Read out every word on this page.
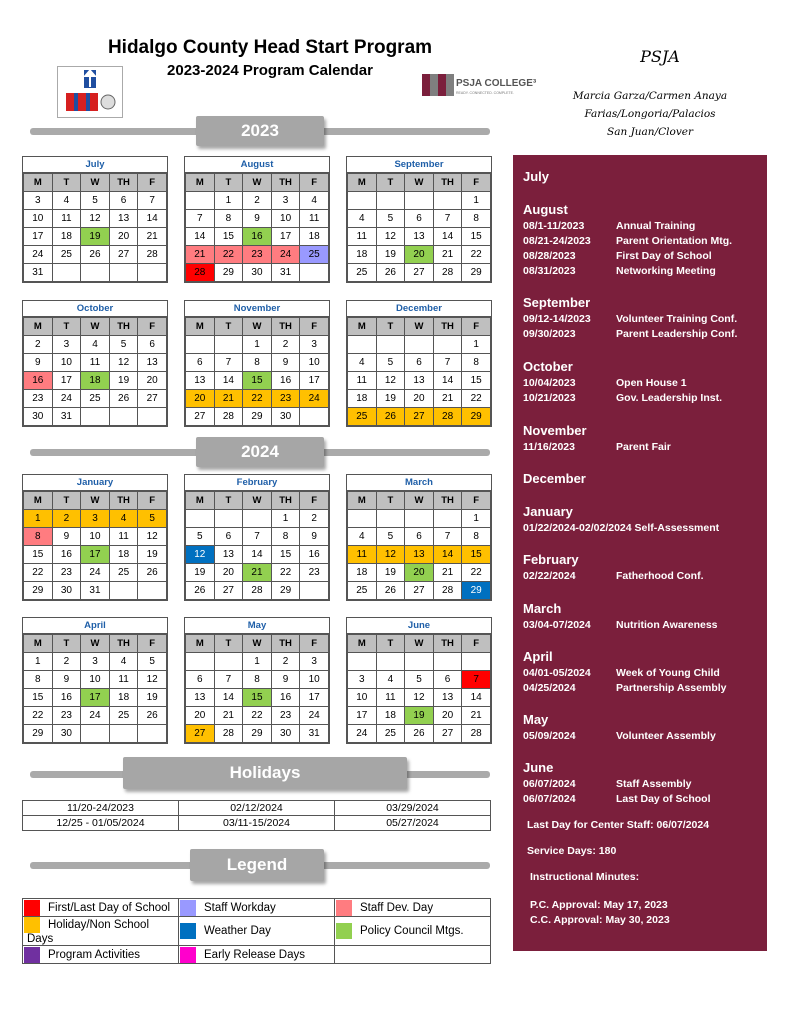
Hidalgo County Head Start Program
2023-2024 Program Calendar
PSJA COLLEGE³
READY. CONNECTED. COMPLETE.
PSJA
Marcia Garza/Carmen Anaya
Farias/Longoria/Palacios
San Juan/Clover
2023
2024
July
M	T	W	TH	F
3	4	5	6	7
10	11	12	13	14
17	18	19	20	21
24	25	26	27	28
31				
August
M	T	W	TH	F
	1	2	3	4
7	8	9	10	11
14	15	16	17	18
21	22	23	24	25
28	29	30	31	
September
M	T	W	TH	F
				1
4	5	6	7	8
11	12	13	14	15
18	19	20	21	22
25	26	27	28	29
October
M	T	W	TH	F
2	3	4	5	6
9	10	11	12	13
16	17	18	19	20
23	24	25	26	27
30	31			
November
M	T	W	TH	F
		1	2	3
6	7	8	9	10
13	14	15	16	17
20	21	22	23	24
27	28	29	30	
December
M	T	W	TH	F
				1
4	5	6	7	8
11	12	13	14	15
18	19	20	21	22
25	26	27	28	29
January
M	T	W	TH	F
1	2	3	4	5
8	9	10	11	12
15	16	17	18	19
22	23	24	25	26
29	30	31		
February
M	T	W	TH	F
			1	2
5	6	7	8	9
12	13	14	15	16
19	20	21	22	23
26	27	28	29	
March
M	T	W	TH	F
				1
4	5	6	7	8
11	12	13	14	15
18	19	20	21	22
25	26	27	28	29
April
M	T	W	TH	F
1	2	3	4	5
8	9	10	11	12
15	16	17	18	19
22	23	24	25	26
29	30			
May
M	T	W	TH	F
		1	2	3
6	7	8	9	10
13	14	15	16	17
20	21	22	23	24
27	28	29	30	31
June
M	T	W	TH	F

3	4	5	6	7
10	11	12	13	14
17	18	19	20	21
24	25	26	27	28
Holidays
11/20-24/2023	02/12/2024	03/29/2024
12/25 - 01/05/2024	03/11-15/2024	05/27/2024
Legend
First/Last Day of School	Staff Workday	Staff Dev. Day
Holiday/Non School Days	Weather Day	Policy Council Mtgs.
Program Activities	Early Release Days	
July
August
08/1-11/2023	Annual Training
08/21-24/2023 Parent Orientation Mtg.
08/28/2023	First Day of School
08/31/2023	Networking Meeting
September
09/12-14/2023 Volunteer Training Conf.
09/30/2023	Parent Leadership Conf.
October
10/04/2023	Open House 1
10/21/2023	Gov. Leadership Inst.
November
11/16/2023	Parent Fair
December
January
01/22/2024-02/02/2024 Self-Assessment
February
02/22/2024	Fatherhood Conf.
March
03/04-07/2024 Nutrition Awareness
April
04/01-05/2024 Week of Young Child
04/25/2024	Partnership Assembly
May
05/09/2024	Volunteer Assembly
June
06/07/2024	Staff Assembly
06/07/2024	Last Day of School
Last Day for Center Staff: 06/07/2024
Service Days: 180
Instructional Minutes:
P.C. Approval: May 17, 2023
C.C. Approval: May 30, 2023
